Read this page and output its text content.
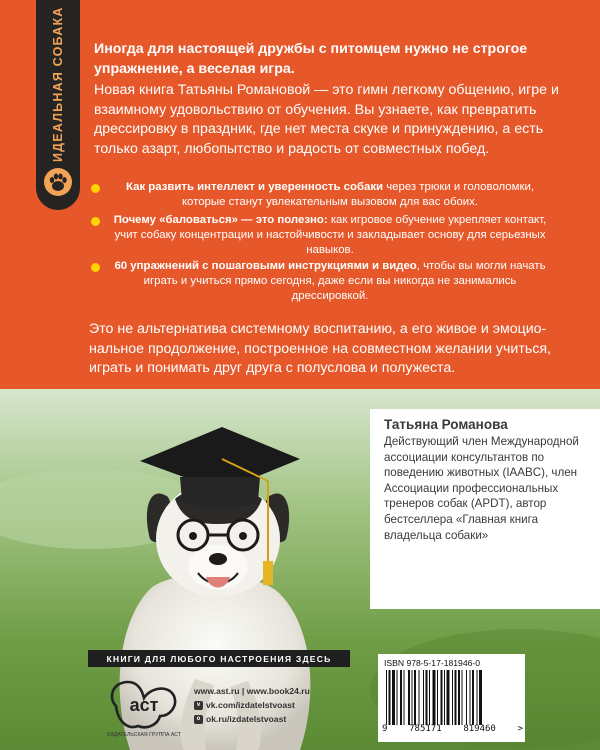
ИДЕАЛЬНАЯ СОБАКА	Иногда для настоящей дружбы с питомцем нужно не строгое упражнение, а веселая игра.

Новая книга Татьяны Романовой — это гимн легкому общению, игре и взаимному удовольствию от обучения. Вы узнаете, как превратить дрессировку в праздник, где нет места скуке и принуждению, а есть только азарт, любопытство и радость от совместных побед.

Как развить интеллект и уверенность собаки через трюки и головоломки, которые станут увлекательным вызовом для вас обоих.
Почему «баловаться» — это полезно: как игровое обучение укрепляет контакт, учит собаку концентрации и настойчивости и закладывает основу для серьезных навыков.
60 упражнений с пошаговыми инструкциями и видео, чтобы вы могли начать играть и учиться прямо сегодня, даже если вы никогда не занимались дрессировкой.

Это не альтернатива системному воспитанию, а его живое и эмоциональное продолжение, построенное на совместном желании учиться, играть и понимать друг друга с полуслова и полужеста.

Татьяна Романова
Действующий член Международной ассоциации консультантов по поведению животных (IAABC), член Ассоциации профессиональных тренеров собак (APDT), автор бестселлера «Главная книга владельца собаки»
КНИГИ ДЛЯ ЛЮБОГО НАСТРОЕНИЯ ЗДЕСЬ
аст
ИЗДАТЕЛЬСКАЯ ГРУППА АСТ
www.ast.ru | www.book24.ru
v vk.com/izdatelstvoast
o ok.ru/izdatelstvoast
ISBN 978-5-17-181946-0
9 785171 819460 >
